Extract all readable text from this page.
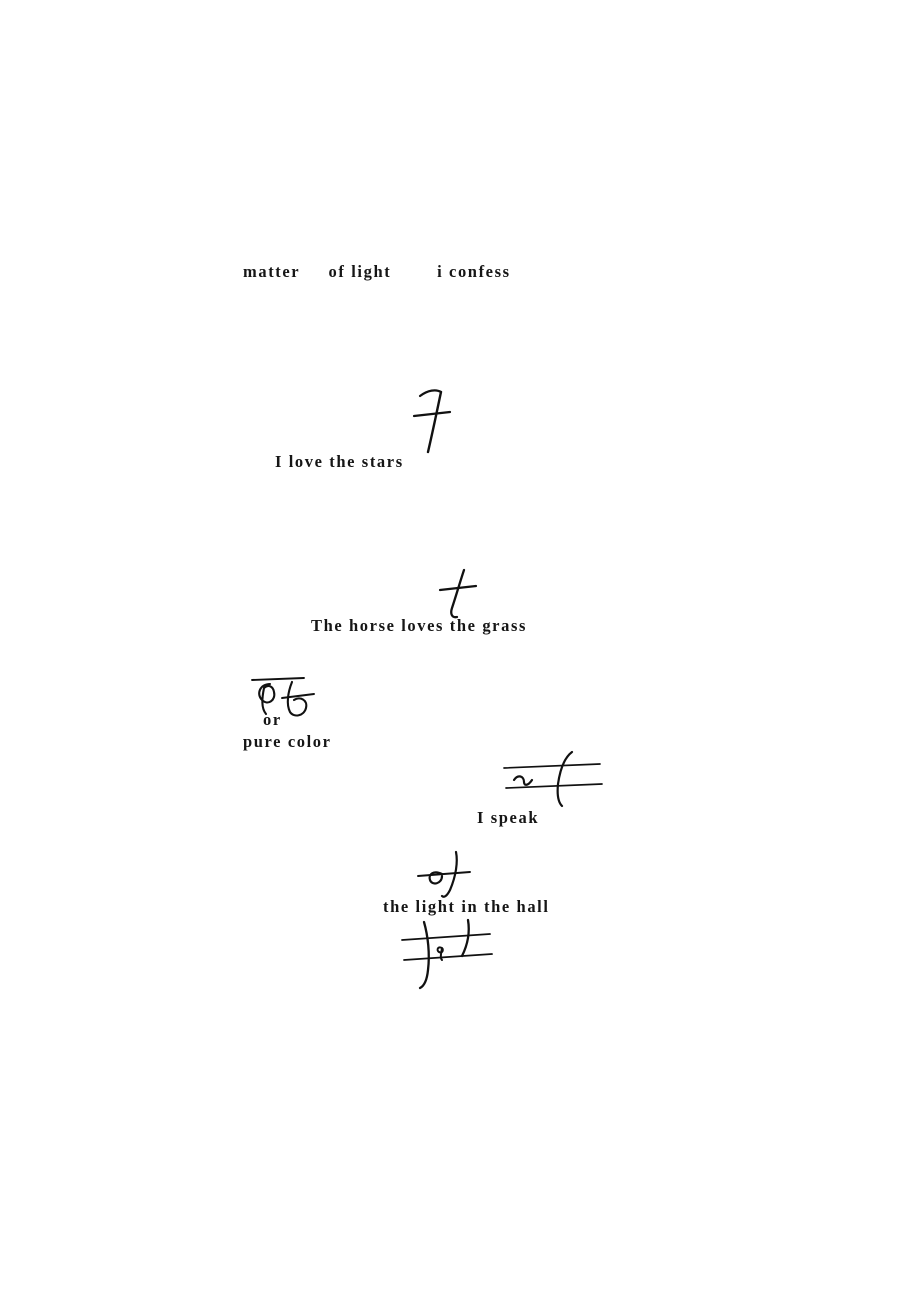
matter     of light        i confess
I love the stars
The horse loves the grass
or
pure color
I speak
the light in the hall
